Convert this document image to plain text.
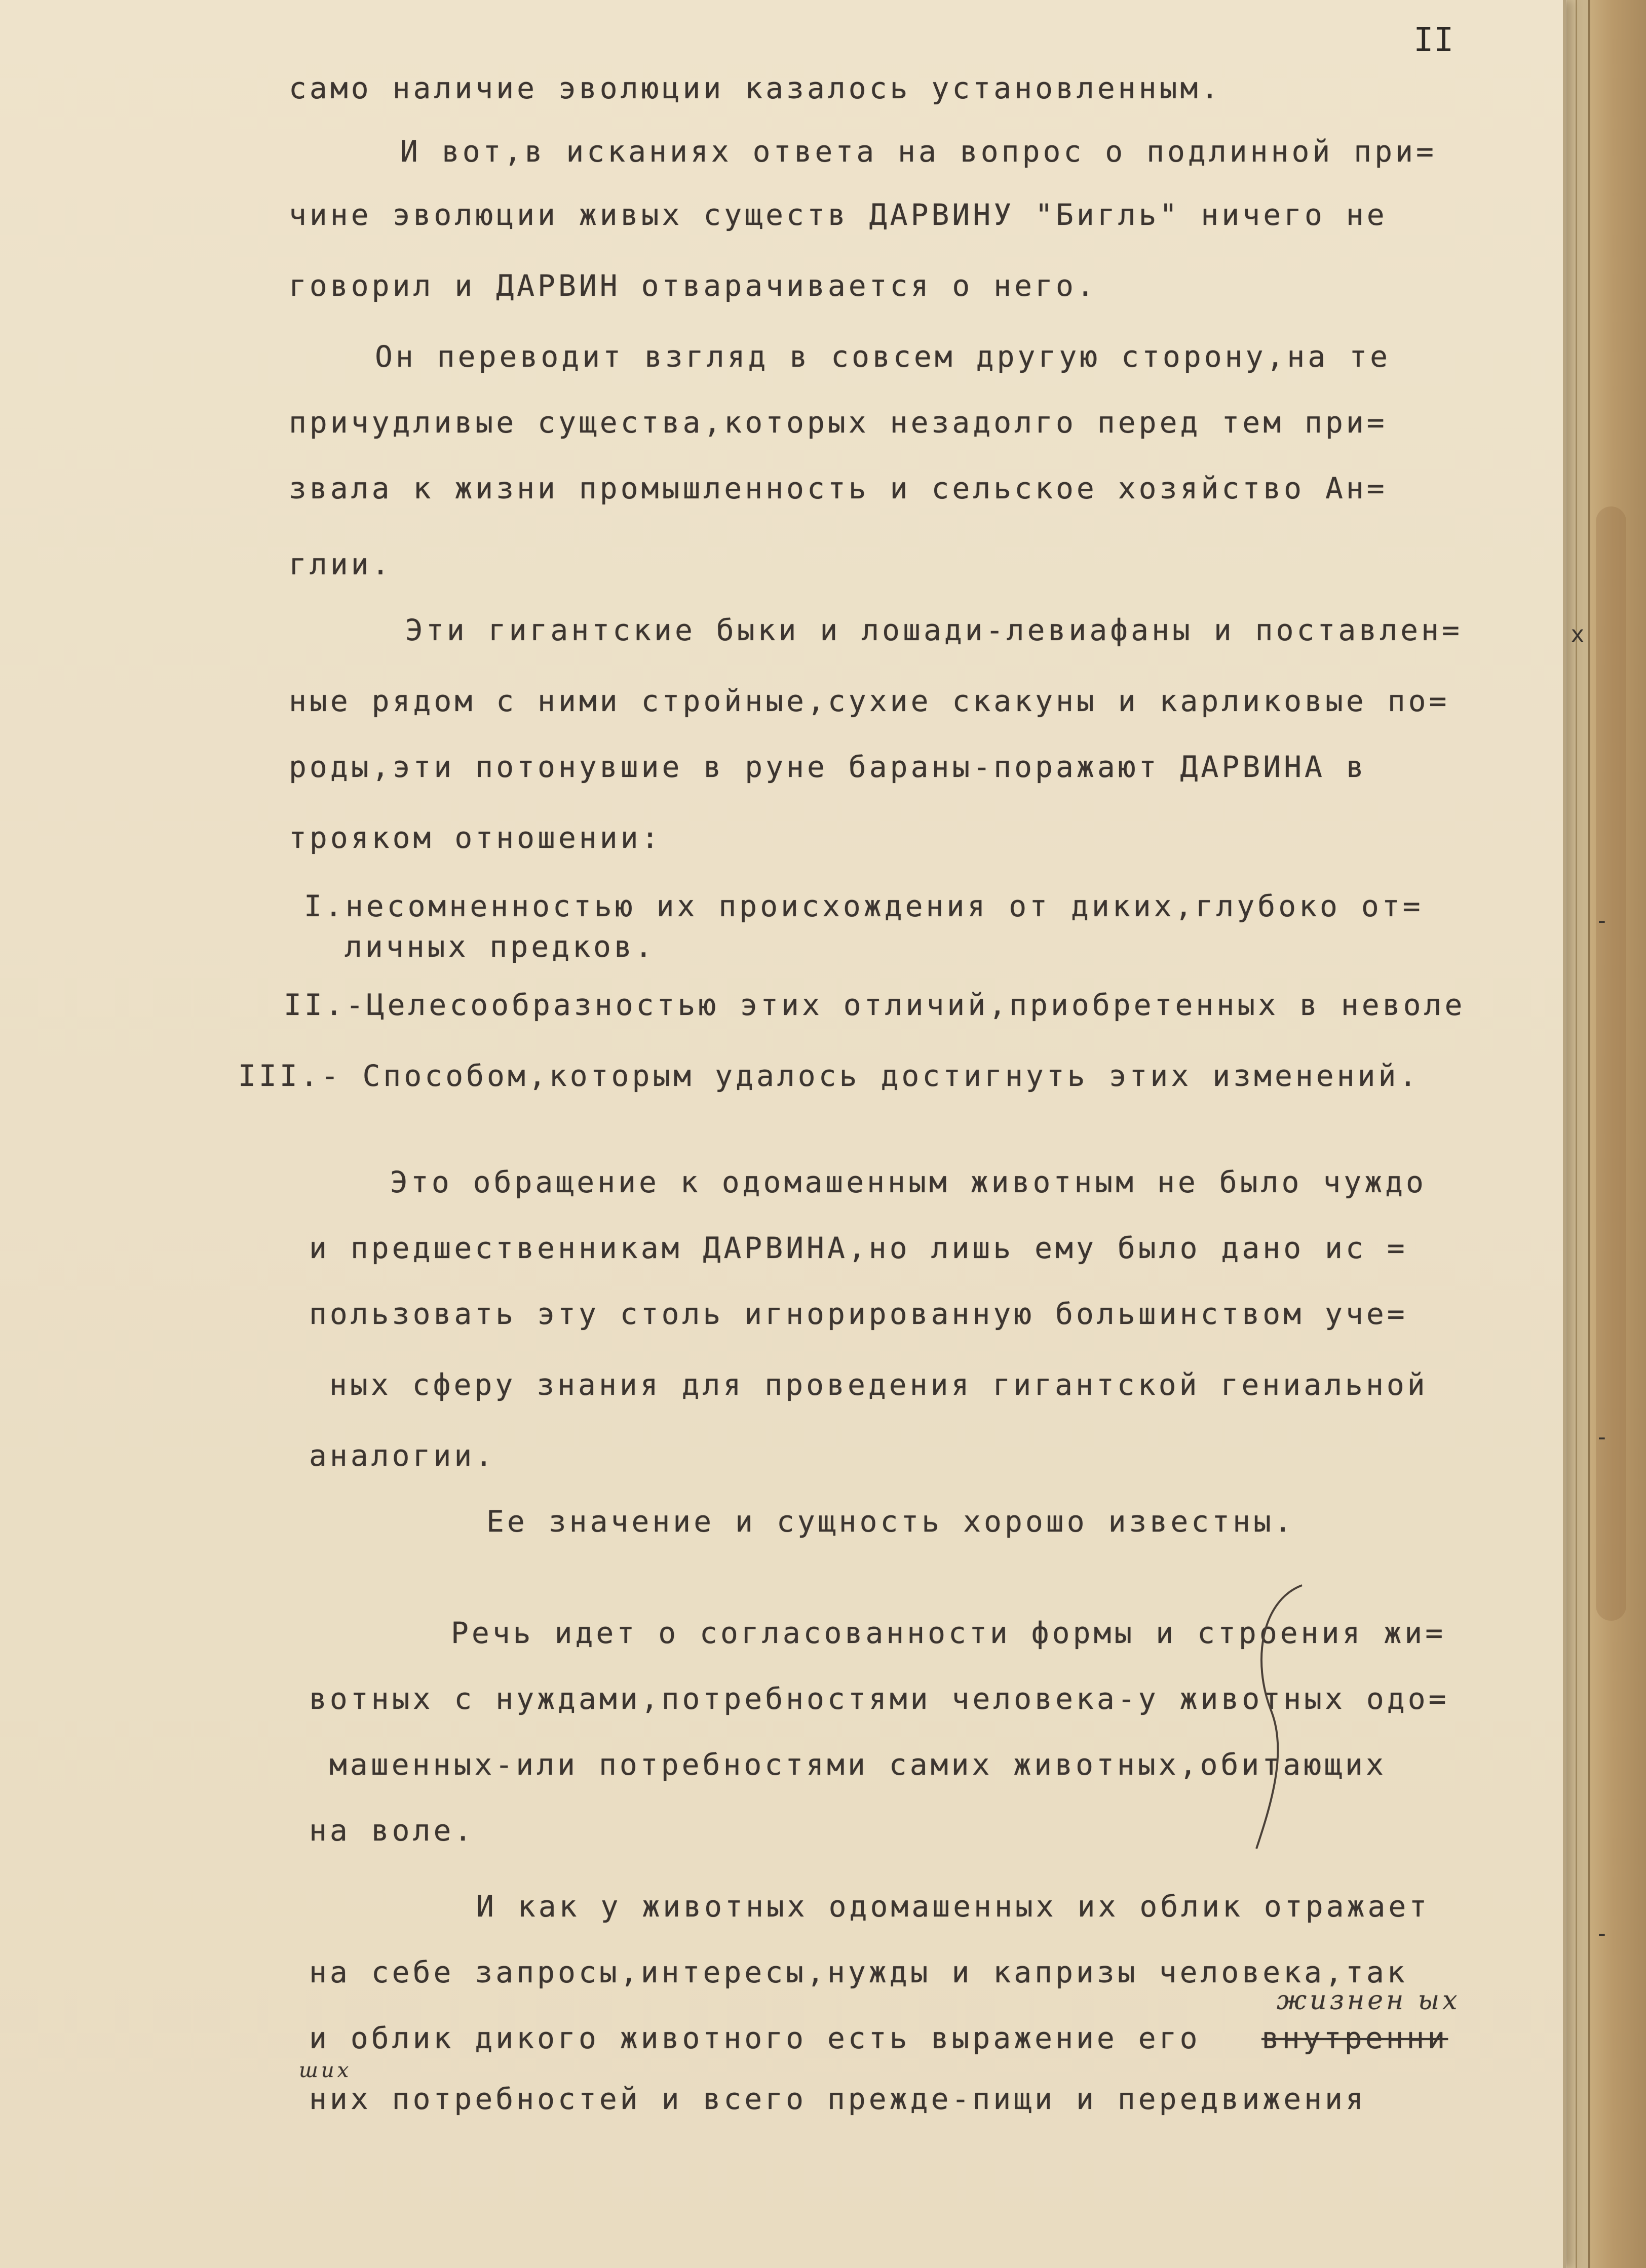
II
само наличие эволюции казалось установленным.
И вот,в исканиях ответа на вопрос о подлинной при=
чине эволюции живых существ ДАРВИНУ "Бигль" ничего не
говорил и ДАРВИН отварачивается о него.
Он переводит взгляд в совсем другую сторону,на те
причудливые существа,которых незадолго перед тем при=
звала к жизни промышленность и сельское хозяйство Ан=
глии.
Эти гигантские быки и лошади-левиафаны и поставлен=
ные рядом с ними стройные,сухие скакуны и карликовые по=
роды,эти потонувшие в руне бараны-поражают ДАРВИНА в
трояком отношении:
I.несомненностью их происхождения от диких,глубоко от=
личных предков.
II.-Целесообразностью этих отличий,приобретенных в неволе
III.- Способом,которым удалось достигнуть этих изменений.
Это обращение к одомашенным животным не было чуждо
и предшественникам ДАРВИНА,но лишь ему было дано ис =
пользовать эту столь игнорированную большинством уче=
ных сферу знания для проведения гигантской гениальной
аналогии.
Ее значение и сущность хорошо известны.
Речь идет о согласованности формы и строения жи=
вотных с нуждами,потребностями человека-у животных одо=
машенных-или потребностями самих животных,обитающих
на воле.
И как у животных одомашенных их облик отражает
на себе запросы,интересы,нужды и капризы человека,так
и облик дикого животного есть выражение его внутренни
жизнен ых
ших
них потребностей и всего прежде-пищи и передвижения
х
-
-
-
